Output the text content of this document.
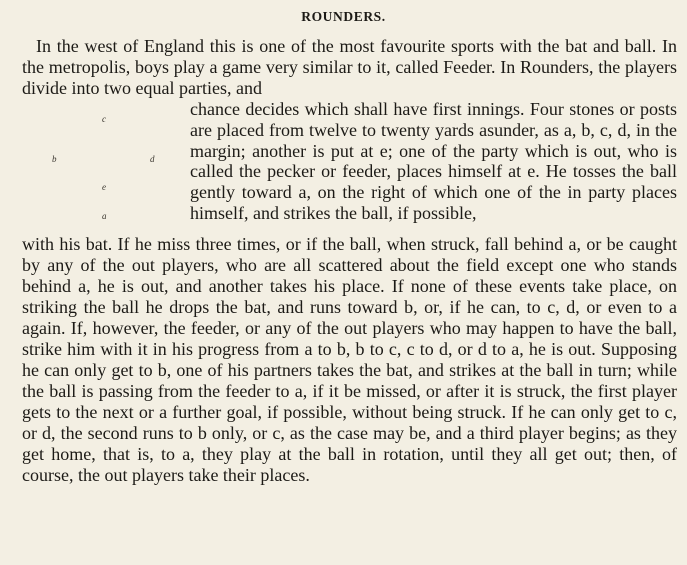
ROUNDERS.
In the west of England this is one of the most favourite sports with the bat and ball. In the metropolis, boys play a game very similar to it, called Feeder. In Rounders, the players divide into two equal parties, and
c
b	d
e
a
chance decides which shall have first innings. Four stones or posts are placed from twelve to twenty yards asunder, as a, b, c, d, in the margin; another is put at e; one of the party which is out, who is called the pecker or feeder, places himself at e. He tosses the ball gently toward a, on the right of which one of the in party places himself, and strikes the ball, if possible,
with his bat. If he miss three times, or if the ball, when struck, fall behind a, or be caught by any of the out players, who are all scattered about the field except one who stands behind a, he is out, and another takes his place. If none of these events take place, on striking the ball he drops the bat, and runs toward b, or, if he can, to c, d, or even to a again. If, however, the feeder, or any of the out players who may happen to have the ball, strike him with it in his progress from a to b, b to c, c to d, or d to a, he is out. Supposing he can only get to b, one of his partners takes the bat, and strikes at the ball in turn; while the ball is passing from the feeder to a, if it be missed, or after it is struck, the first player gets to the next or a further goal, if possible, without being struck. If he can only get to c, or d, the second runs to b only, or c, as the case may be, and a third player begins; as they get home, that is, to a, they play at the ball in rotation, until they all get out; then, of course, the out players take their places.
